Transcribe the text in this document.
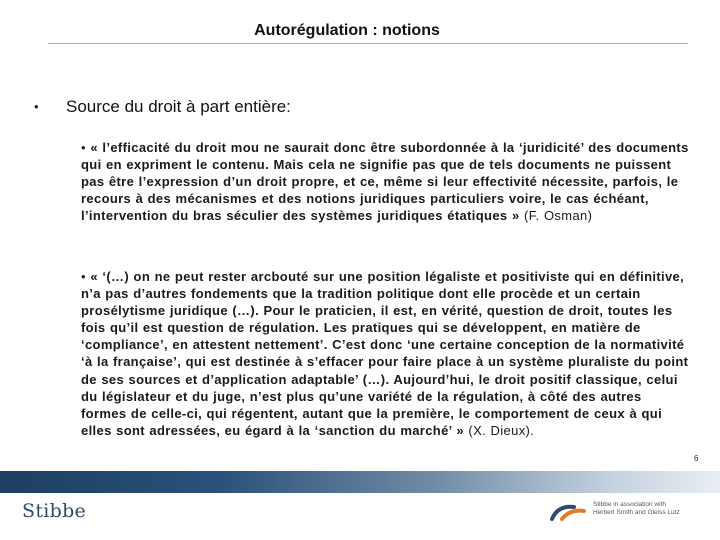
Autorégulation : notions
• Source du droit à part entière:
• « l’efficacité du droit mou ne saurait donc être subordonnée à la ‘juridicité’ des documents qui en expriment le contenu. Mais cela ne signifie pas que de tels documents ne puissent pas être l’expression d’un droit propre, et ce, même si leur effectivité nécessite, parfois, le recours à des mécanismes et des notions juridiques particuliers voire, le cas échéant, l’intervention du bras séculier des systèmes juridiques étatiques » (F. Osman)
• « ‘(…) on ne peut rester arcbouté sur une position légaliste et positiviste qui en définitive, n’a pas d’autres fondements que la tradition politique dont elle procède et un certain prosélytisme juridique (…). Pour le praticien, il est, en vérité, question de droit, toutes les fois qu’il est question de régulation. Les pratiques qui se développent, en matière de ‘compliance’, en attestent nettement’. C’est donc ‘une certaine conception de la normativité ‘à la française’, qui est destinée à s’effacer pour faire place à un système pluraliste du point de ses sources et d’application adaptable’ (…). Aujourd’hui, le droit positif classique, celui du législateur et du juge, n’est plus qu’une variété de la régulation, à côté des autres formes de celle-ci, qui régentent, autant que la première, le comportement de ceux à qui elles sont adressées, eu égard à la ‘sanction du marché’ » (X. Dieux).
6
Stibbe	Stibbe in association with
Herbert Smith and Gleiss Lutz
